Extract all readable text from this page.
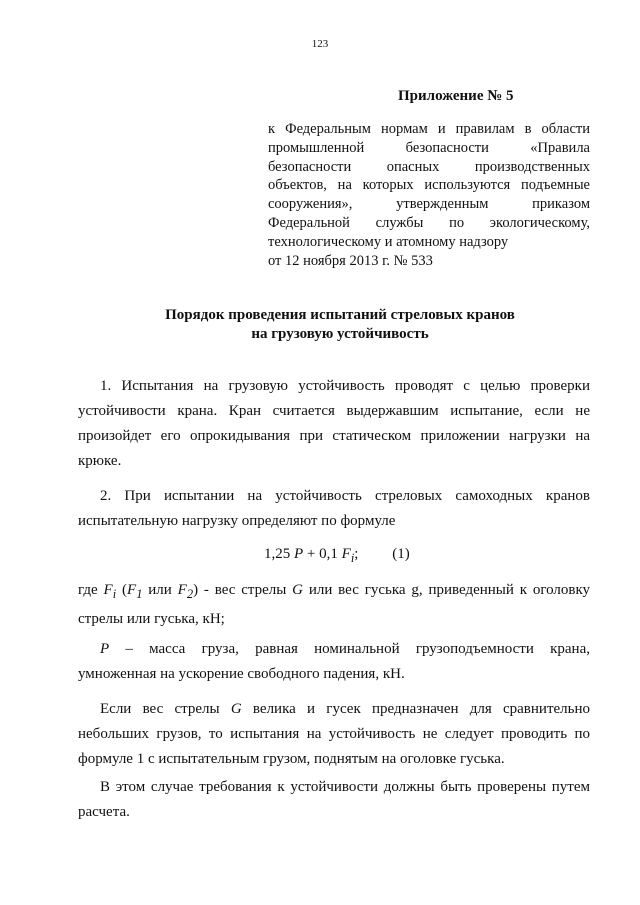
123
Приложение № 5
к Федеральным нормам и правилам в области
промышленной безопасности «Правила
безопасности опасных производственных
объектов, на которых используются подъемные
сооружения», утвержденным приказом
Федеральной службы по экологическому,
технологическому и атомному надзору
от 12 ноября 2013 г. № 533
Порядок проведения испытаний стреловых кранов
на грузовую устойчивость
1. Испытания на грузовую устойчивость проводят с целью проверки
устойчивости крана. Кран считается выдержавшим испытание, если не
произойдет его опрокидывания при статическом приложении нагрузки на
крюке.
2. При испытании на устойчивость стреловых самоходных кранов
испытательную нагрузку определяют по формуле
1,25 P + 0,1 $F_i$; (1)
где $F_i$ ($F_1$ или $F_2$) - вес стрелы G или вес гуська g, приведенный к оголовку
стрелы или гуська, кН;
P – масса груза, равная номинальной грузоподъемности крана,
умноженная на ускорение свободного падения, кН.
Если вес стрелы G велика и гусек предназначен для сравнительно
небольших грузов, то испытания на устойчивость не следует проводить по
формуле 1 с испытательным грузом, поднятым на оголовке гуська.
В этом случае требования к устойчивости должны быть проверены путем
расчета.
